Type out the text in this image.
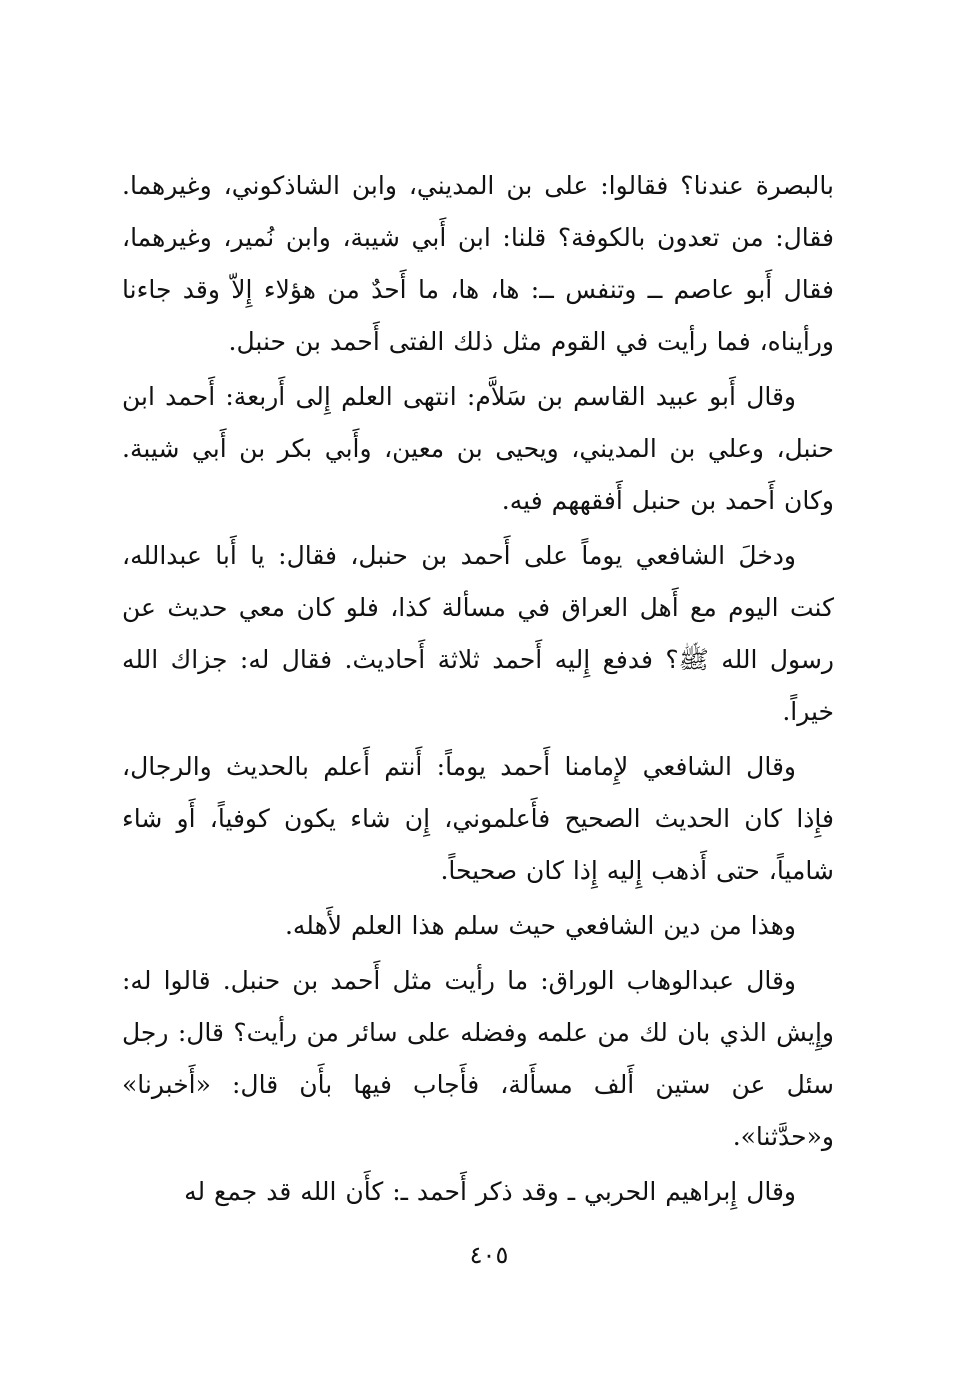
بالبصرة عندنا؟ فقالوا: على بن المديني، وابن الشاذكوني، وغيرهما. فقال: من تعدون بالكوفة؟ قلنا: ابن أَبي شيبة، وابن نُمير، وغيرهما، فقال أَبو عاصم ــ وتنفس ــ: ها، ها، ما أَحدٌ من هؤلاء إِلاّ وقد جاءنا ورأيناه، فما رأيت في القوم مثل ذلك الفتى أَحمد بن حنبل.

وقال أَبو عبيد القاسم بن سَلاَّم: انتهى العلم إِلى أَربعة: أَحمد ابن حنبل، وعلي بن المديني، ويحيى بن معين، وأَبي بكر بن أَبي شيبة. وكان أَحمد بن حنبل أَفقههم فيه.

ودخلَ الشافعي يوماً على أَحمد بن حنبل، فقال: يا أَبا عبدالله، كنت اليوم مع أَهل العراق في مسألة كذا، فلو كان معي حديث عن رسول الله ﷺ؟ فدفع إِليه أَحمد ثلاثة أَحاديث. فقال له: جزاك الله خيراً.

وقال الشافعي لإِمامنا أَحمد يوماً: أَنتم أَعلم بالحديث والرجال، فإِذا كان الحديث الصحيح فأَعلموني، إِن شاء يكون كوفياً، أَو شاء شامياً، حتى أَذهب إِليه إِذا كان صحيحاً.

وهذا من دين الشافعي حيث سلم هذا العلم لأَهله.

وقال عبدالوهاب الوراق: ما رأيت مثل أَحمد بن حنبل. قالوا له: وإِيش الذي بان لك من علمه وفضله على سائر من رأيت؟ قال: رجل سئل عن ستين أَلف مسأَلة، فأَجاب فيها بأَن قال: «أَخبرنا» و«حدَّثنا».

وقال إِبراهيم الحربي ـ وقد ذكر أَحمد ـ: كأَن الله قد جمع له

٤٠٥
